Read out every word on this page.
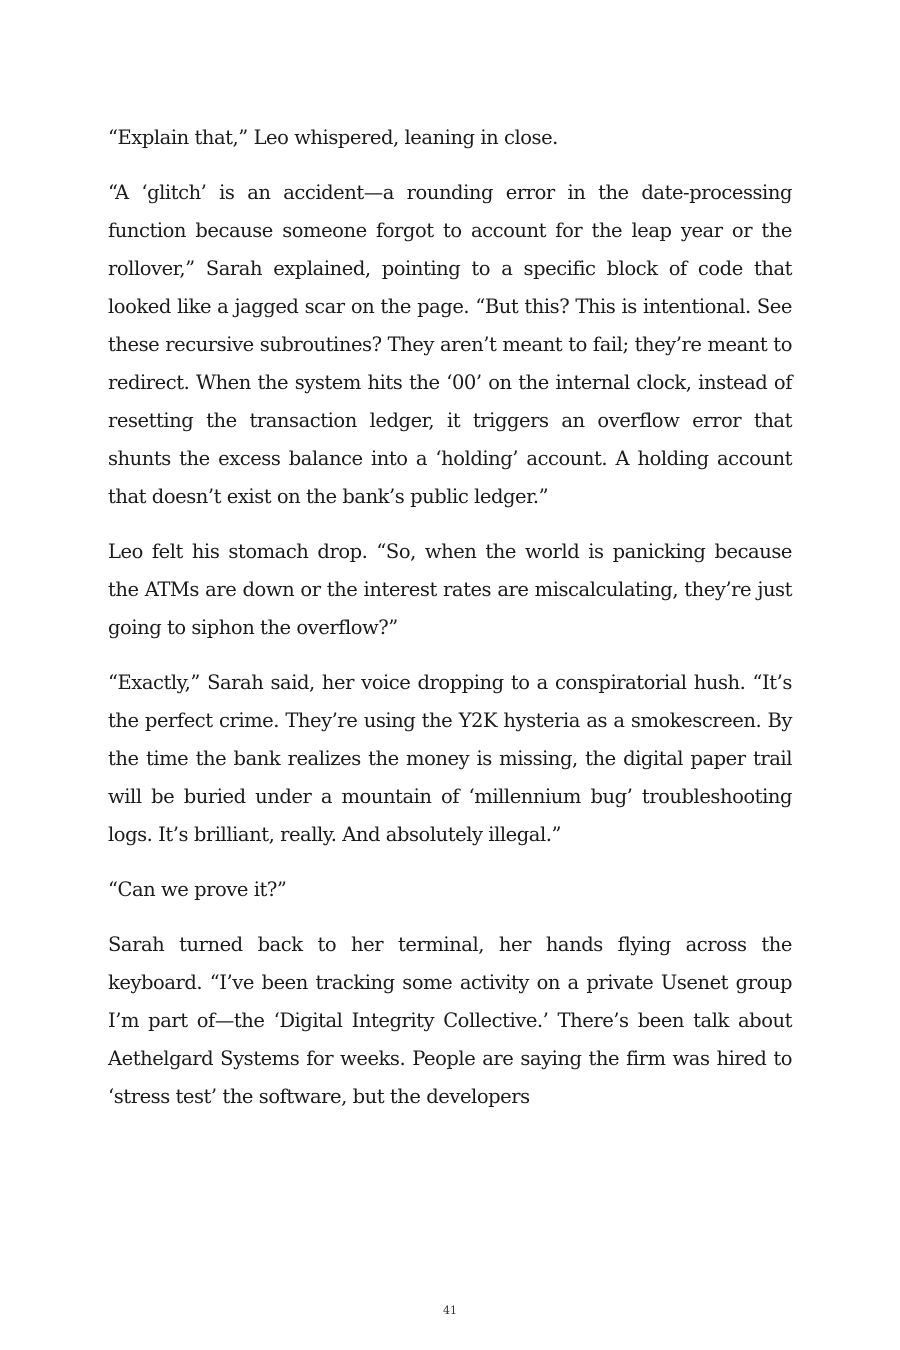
“Explain that,” Leo whispered, leaning in close.

“A ‘glitch’ is an accident—a rounding error in the date-processing function because someone forgot to account for the leap year or the rollover,” Sarah explained, pointing to a specific block of code that looked like a jagged scar on the page. “But this? This is intentional. See these recursive subroutines? They aren’t meant to fail; they’re meant to redirect. When the system hits the ‘00’ on the internal clock, instead of resetting the transaction ledger, it triggers an overflow error that shunts the excess balance into a ‘holding’ account. A holding account that doesn’t exist on the bank’s public ledger.”

Leo felt his stomach drop. “So, when the world is panicking because the ATMs are down or the interest rates are miscalculating, they’re just going to siphon the overflow?”

“Exactly,” Sarah said, her voice dropping to a conspiratorial hush. “It’s the perfect crime. They’re using the Y2K hysteria as a smokescreen. By the time the bank realizes the money is missing, the digital paper trail will be buried under a mountain of ‘millennium bug’ troubleshooting logs. It’s brilliant, really. And absolutely illegal.”

“Can we prove it?”

Sarah turned back to her terminal, her hands flying across the keyboard. “I’ve been tracking some activity on a private Usenet group I’m part of—the ‘Digital Integrity Collective.’ There’s been talk about Aethelgard Systems for weeks. People are saying the firm was hired to ‘stress test’ the software, but the developers

41
